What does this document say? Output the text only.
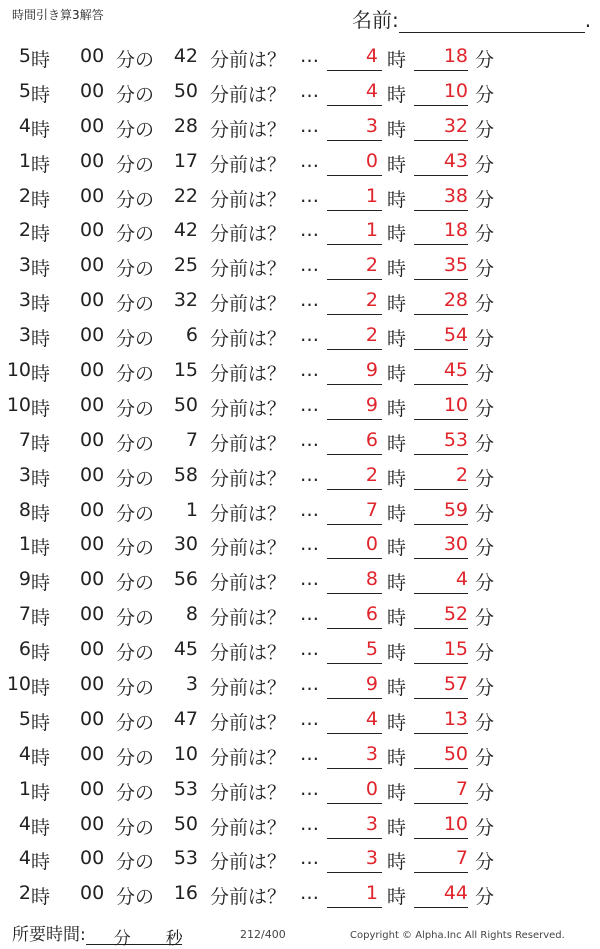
時間引き算3解答	名前:	.
5 時 00 分の 42 分前は？ … 4 時 18 分
5 時 00 分の 50 分前は？ … 4 時 10 分
4 時 00 分の 28 分前は？ … 3 時 32 分
1 時 00 分の 17 分前は？ … 0 時 43 分
2 時 00 分の 22 分前は？ … 1 時 38 分
2 時 00 分の 42 分前は？ … 1 時 18 分
3 時 00 分の 25 分前は？ … 2 時 35 分
3 時 00 分の 32 分前は？ … 2 時 28 分
3 時 00 分の 6 分前は？ … 2 時 54 分
10 時 00 分の 15 分前は？ … 9 時 45 分
10 時 00 分の 50 分前は？ … 9 時 10 分
7 時 00 分の 7 分前は？ … 6 時 53 分
3 時 00 分の 58 分前は？ … 2 時	2 分
8 時 00 分の 1 分前は？ … 7 時 59 分
1 時 00 分の 30 分前は？ … 0 時 30 分
9 時 00 分の 56 分前は？ … 8 時	4 分
7 時 00 分の 8 分前は？ … 6 時 52 分
6 時 00 分の 45 分前は？ … 5 時 15 分
10 時 00 分の 3 分前は？ … 9 時 57 分
5 時 00 分の 47 分前は？ … 4 時 13 分
4 時 00 分の 10 分前は？ … 3 時 50 分
1 時 00 分の 53 分前は？ … 0 時	7 分
4 時 00 分の 50 分前は？ … 3 時 10 分
4 時 00 分の 53 分前は？ … 3 時	7 分
2 時 00 分の 16 分前は？ … 1 時 44 分
所要時間: 分 秒	212/400	Copyright © Alpha.Inc All Rights Reserved.
